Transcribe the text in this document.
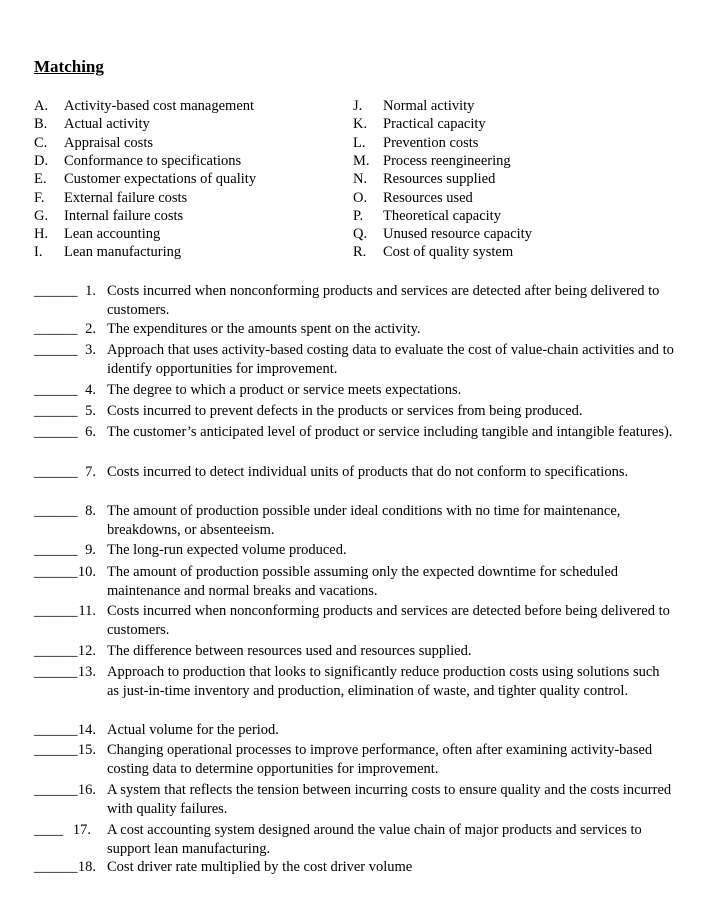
Matching
A. Activity-based cost management
B. Actual activity
C. Appraisal costs
D. Conformance to specifications
E. Customer expectations of quality
F. External failure costs
G. Internal failure costs
H. Lean accounting
I. Lean manufacturing
J. Normal activity
K. Practical capacity
L. Prevention costs
M. Process reengineering
N. Resources supplied
O. Resources used
P. Theoretical capacity
Q. Unused resource capacity
R. Cost of quality system
______ 1. Costs incurred when nonconforming products and services are detected after being delivered to customers.
______ 2. The expenditures or the amounts spent on the activity.
______ 3. Approach that uses activity-based costing data to evaluate the cost of value-chain activities and to identify opportunities for improvement.
______ 4. The degree to which a product or service meets expectations.
______ 5. Costs incurred to prevent defects in the products or services from being produced.
______ 6. The customer’s anticipated level of product or service including tangible and intangible features).
______ 7. Costs incurred to detect individual units of products that do not conform to specifications.
______ 8. The amount of production possible under ideal conditions with no time for maintenance, breakdowns, or absenteeism.
______ 9. The long-run expected volume produced.
______ 10. The amount of production possible assuming only the expected downtime for scheduled maintenance and normal breaks and vacations.
______ 11. Costs incurred when nonconforming products and services are detected before being delivered to customers.
______ 12. The difference between resources used and resources supplied.
______ 13. Approach to production that looks to significantly reduce production costs using solutions such as just-in-time inventory and production, elimination of waste, and tighter quality control.
______ 14. Actual volume for the period.
______ 15. Changing operational processes to improve performance, often after examining activity-based costing data to determine opportunities for improvement.
______ 16. A system that reflects the tension between incurring costs to ensure quality and the costs incurred with quality failures.
____ 17. A cost accounting system designed around the value chain of major products and services to support lean manufacturing.
______ 18. Cost driver rate multiplied by the cost driver volume
